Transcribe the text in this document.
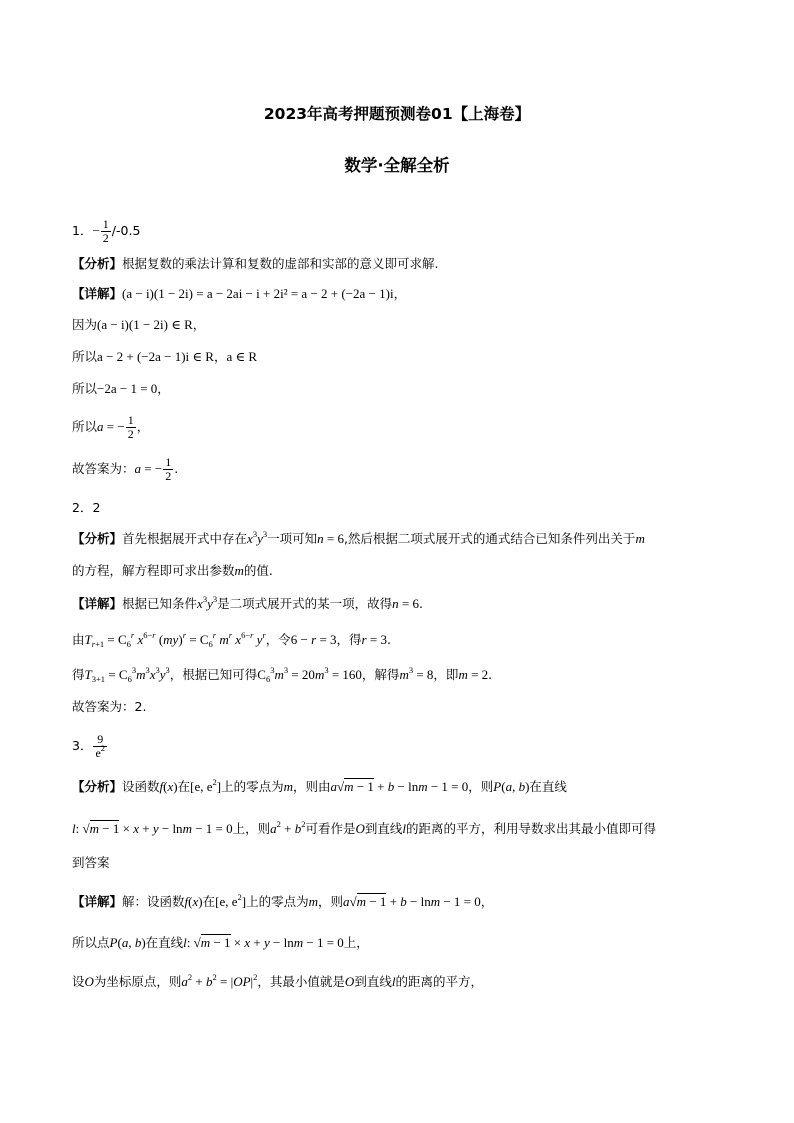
2023年高考押题预测卷01【上海卷】
数学·全解全析
1．− $\frac{1}{2} /-0.5$
【分析】根据复数的乘法计算和复数的虚部和实部的意义即可求解.
【详解】(a − i)(1 − 2i) = a − 2ai − i + 2i² = a − 2 + (−2a − 1)i，
因为(a − i)(1 − 2i) ∈ R，
所以a − 2 + (−2a − 1)i ∈ R，a ∈ R
所以−2a − 1 = 0，
所以a = − $\frac{1}{2}$ ，
故答案为：a = − $\frac{1}{2}$ .
2．2
【分析】首先根据展开式中存在$x^3y^3$一项可知n = 6,然后根据二项式展开式的通式结合已知条件列出关于m
的方程，解方程即可求出参数m的值.
【详解】根据已知条件$x^3y^3$是二项式展开式的某一项，故得n = 6.
由$T_{r+1} = C_6^r$ $x^{6-r}$ $(my)^r = C_6^r$ $m^r$ $x^{6-r}$ $y^r$，令6 − r = 3，得r = 3.
得$T_{3+1} = C_6^3m^3x^3y^3$，根据已知可得$C_6^3m^3 = 20m^3 = 160$，解得$m^3 = 8$，即m = 2.
故答案为：2.
3． $\frac{9}{e^2}$
【分析】设函数f(x)在[e, $e^2$]上的零点为m，则由a√m − 1 + b − lnm − 1 = 0，则P(a, b)在直线
l: √m − 1 × x + y − lnm − 1 = 0上，则$a^2 + b^2$可看作是O到直线l的距离的平方，利用导数求出其最小值即可得
到答案
【详解】解：设函数f(x)在[e, $e^2$]上的零点为m，则a√m − 1 + b − lnm − 1 = 0，
所以点P(a, b)在直线l: √m − 1 × x + y − lnm − 1 = 0上，
设O为坐标原点，则$a^2 + b^2 = |OP|^2$，其最小值就是O到直线l的距离的平方，
